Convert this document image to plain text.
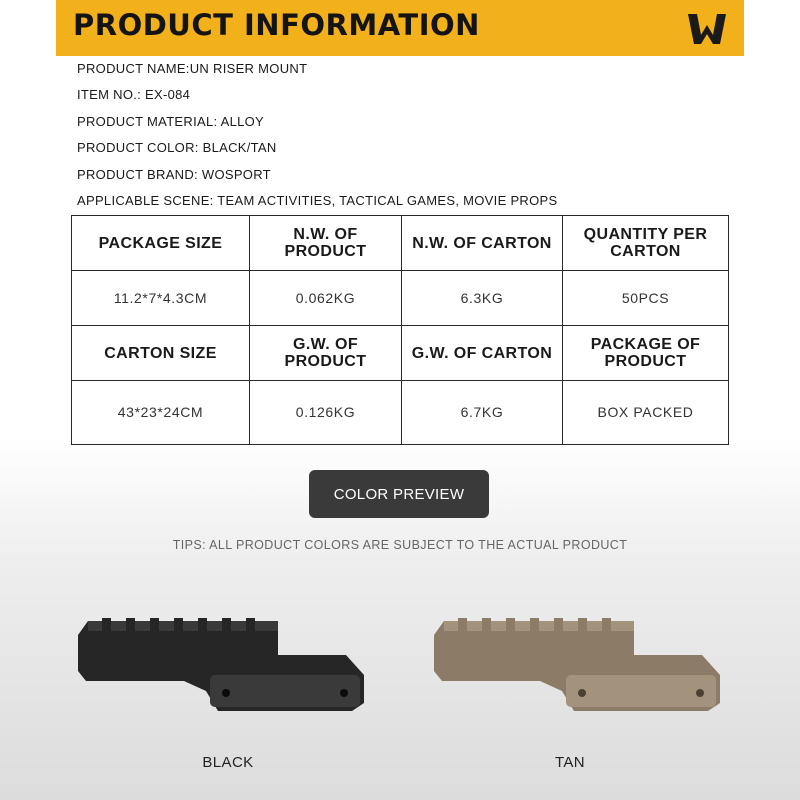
PRODUCT INFORMATION
PRODUCT NAME:UN RISER MOUNT
ITEM NO.: EX-084
PRODUCT MATERIAL: ALLOY
PRODUCT COLOR: BLACK/TAN
PRODUCT BRAND: WOSPORT
APPLICABLE SCENE: TEAM ACTIVITIES, TACTICAL GAMES, MOVIE PROPS
PACKAGE SIZE	N.W. OF PRODUCT	N.W. OF CARTON	QUANTITY PER CARTON
11.2*7*4.3CM	0.062KG	6.3KG	50PCS
CARTON SIZE	G.W. OF PRODUCT	G.W. OF CARTON	PACKAGE OF PRODUCT
43*23*24CM	0.126KG	6.7KG	BOX PACKED
COLOR PREVIEW
TIPS: ALL PRODUCT COLORS ARE SUBJECT TO THE ACTUAL PRODUCT
BLACK	TAN
